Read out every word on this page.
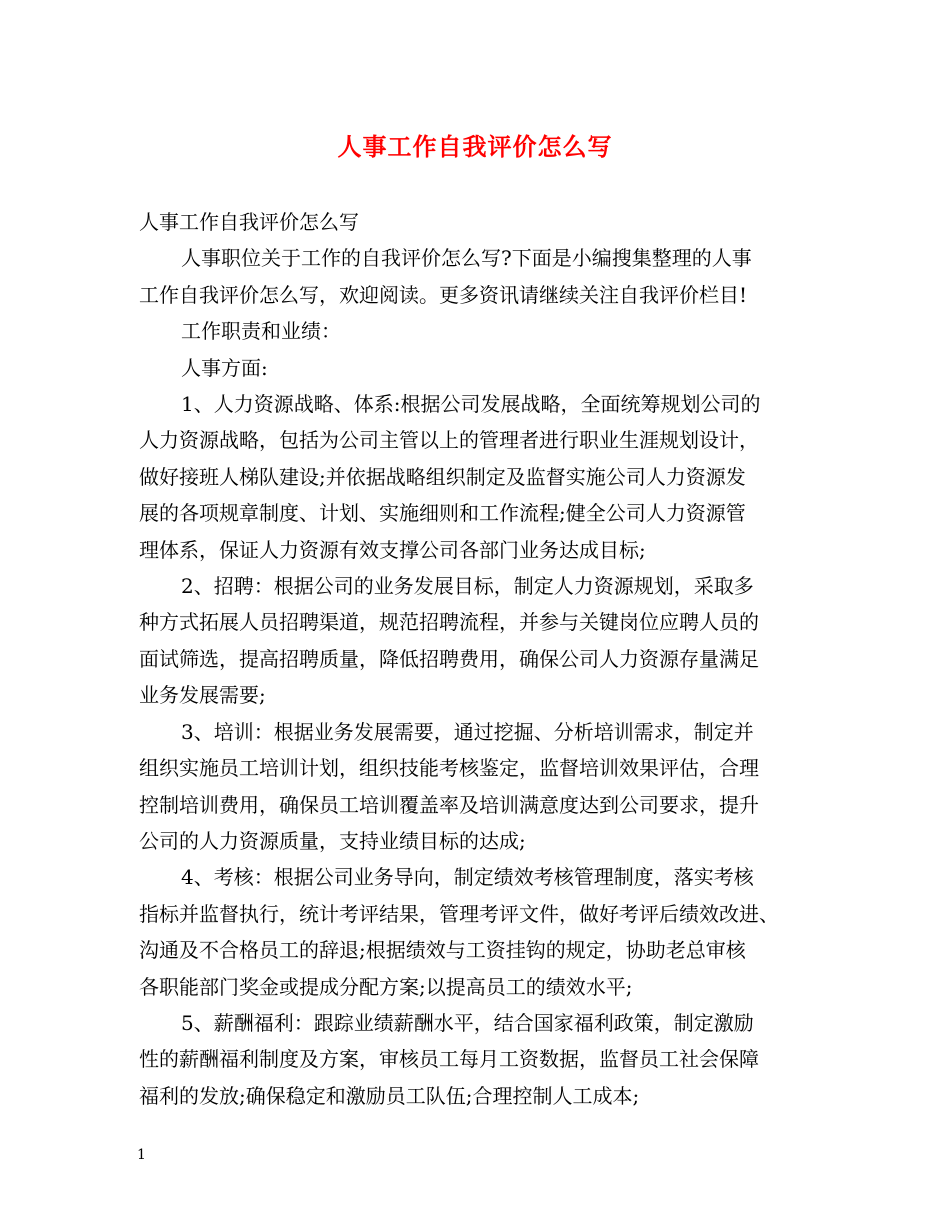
人事工作自我评价怎么写
人事工作自我评价怎么写
人事职位关于工作的自我评价怎么写?下面是小编搜集整理的人事
工作自我评价怎么写，欢迎阅读。更多资讯请继续关注自我评价栏目!
工作职责和业绩：
人事方面:
1、人力资源战略、体系:根据公司发展战略，全面统筹规划公司的
人力资源战略，包括为公司主管以上的管理者进行职业生涯规划设计，
做好接班人梯队建设;并依据战略组织制定及监督实施公司人力资源发
展的各项规章制度、计划、实施细则和工作流程;健全公司人力资源管
理体系，保证人力资源有效支撑公司各部门业务达成目标;
2、招聘：根据公司的业务发展目标，制定人力资源规划，采取多
种方式拓展人员招聘渠道，规范招聘流程，并参与关键岗位应聘人员的
面试筛选，提高招聘质量，降低招聘费用，确保公司人力资源存量满足
业务发展需要;
3、培训：根据业务发展需要，通过挖掘、分析培训需求，制定并
组织实施员工培训计划，组织技能考核鉴定，监督培训效果评估，合理
控制培训费用，确保员工培训覆盖率及培训满意度达到公司要求，提升
公司的人力资源质量，支持业绩目标的达成;
4、考核：根据公司业务导向，制定绩效考核管理制度，落实考核
指标并监督执行，统计考评结果，管理考评文件，做好考评后绩效改进、
沟通及不合格员工的辞退;根据绩效与工资挂钩的规定，协助老总审核
各职能部门奖金或提成分配方案;以提高员工的绩效水平;
5、薪酬福利：跟踪业绩薪酬水平，结合国家福利政策，制定激励
性的薪酬福利制度及方案，审核员工每月工资数据，监督员工社会保障
福利的发放;确保稳定和激励员工队伍;合理控制人工成本;
1
